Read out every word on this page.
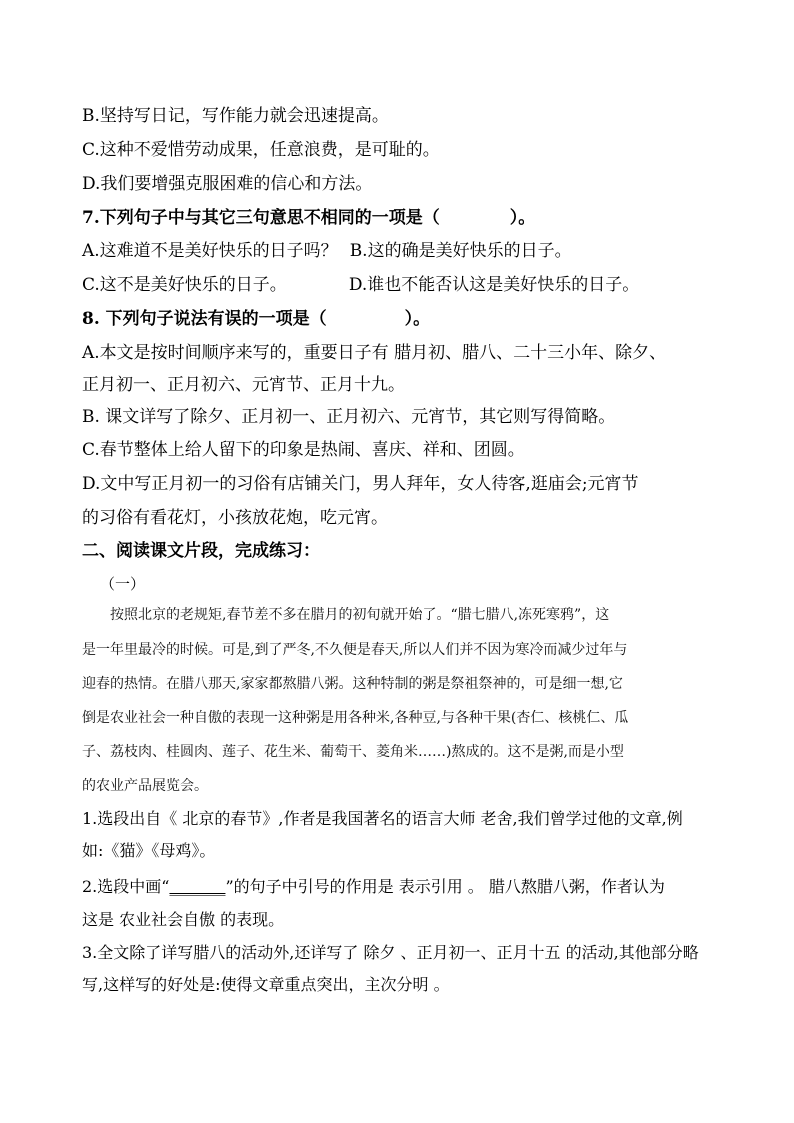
B.坚持写日记，写作能力就会迅速提高。
C.这种不爱惜劳动成果，任意浪费，是可耻的。
D.我们要增强克服困难的信心和方法。
7.下列句子中与其它三句意思不相同的一项是（	）。
A.这难道不是美好快乐的日子吗？ B.这的确是美好快乐的日子。
C.这不是美好快乐的日子。	D.谁也不能否认这是美好快乐的日子。
8. 下列句子说法有误的一项是（	）。
A.本文是按时间顺序来写的，重要日子有 腊月初、腊八、二十三小年、除夕、
正月初一、正月初六、元宵节、正月十九。
B. 课文详写了除夕、正月初一、正月初六、元宵节，其它则写得简略。
C.春节整体上给人留下的印象是热闹、喜庆、祥和、团圆。
D.文中写正月初一的习俗有店铺关门，男人拜年，女人待客,逛庙会;元宵节
的习俗有看花灯，小孩放花炮，吃元宵。
二、阅读课文片段，完成练习：
（一）
　　按照北京的老规矩,春节差不多在腊月的初旬就开始了。“腊七腊八,冻死寒鸦”，这
是一年里最冷的时候。可是,到了严冬,不久便是春天,所以人们并不因为寒冷而减少过年与
迎春的热情。在腊八那天,家家都熬腊八粥。这种特制的粥是祭祖祭神的，可是细一想,它
倒是农业社会一种自傲的表现一这种粥是用各种米,各种豆,与各种干果(杏仁、核桃仁、瓜
子、荔枝肉、桂圆肉、莲子、花生米、葡萄干、菱角米……)熬成的。这不是粥,而是小型
的农业产品展览会。
1.选段出自《 北京的春节》,作者是我国著名的语言大师 老舍,我们曾学过他的文章,例
如:《猫》《母鸡》。
2.选段中画“_______”的句子中引号的作用是 表示引用 。 腊八熬腊八粥，作者认为
这是 农业社会自傲 的表现。
3.全文除了详写腊八的活动外,还详写了 除夕 、正月初一、正月十五 的活动,其他部分略
写,这样写的好处是:使得文章重点突出，主次分明 。
